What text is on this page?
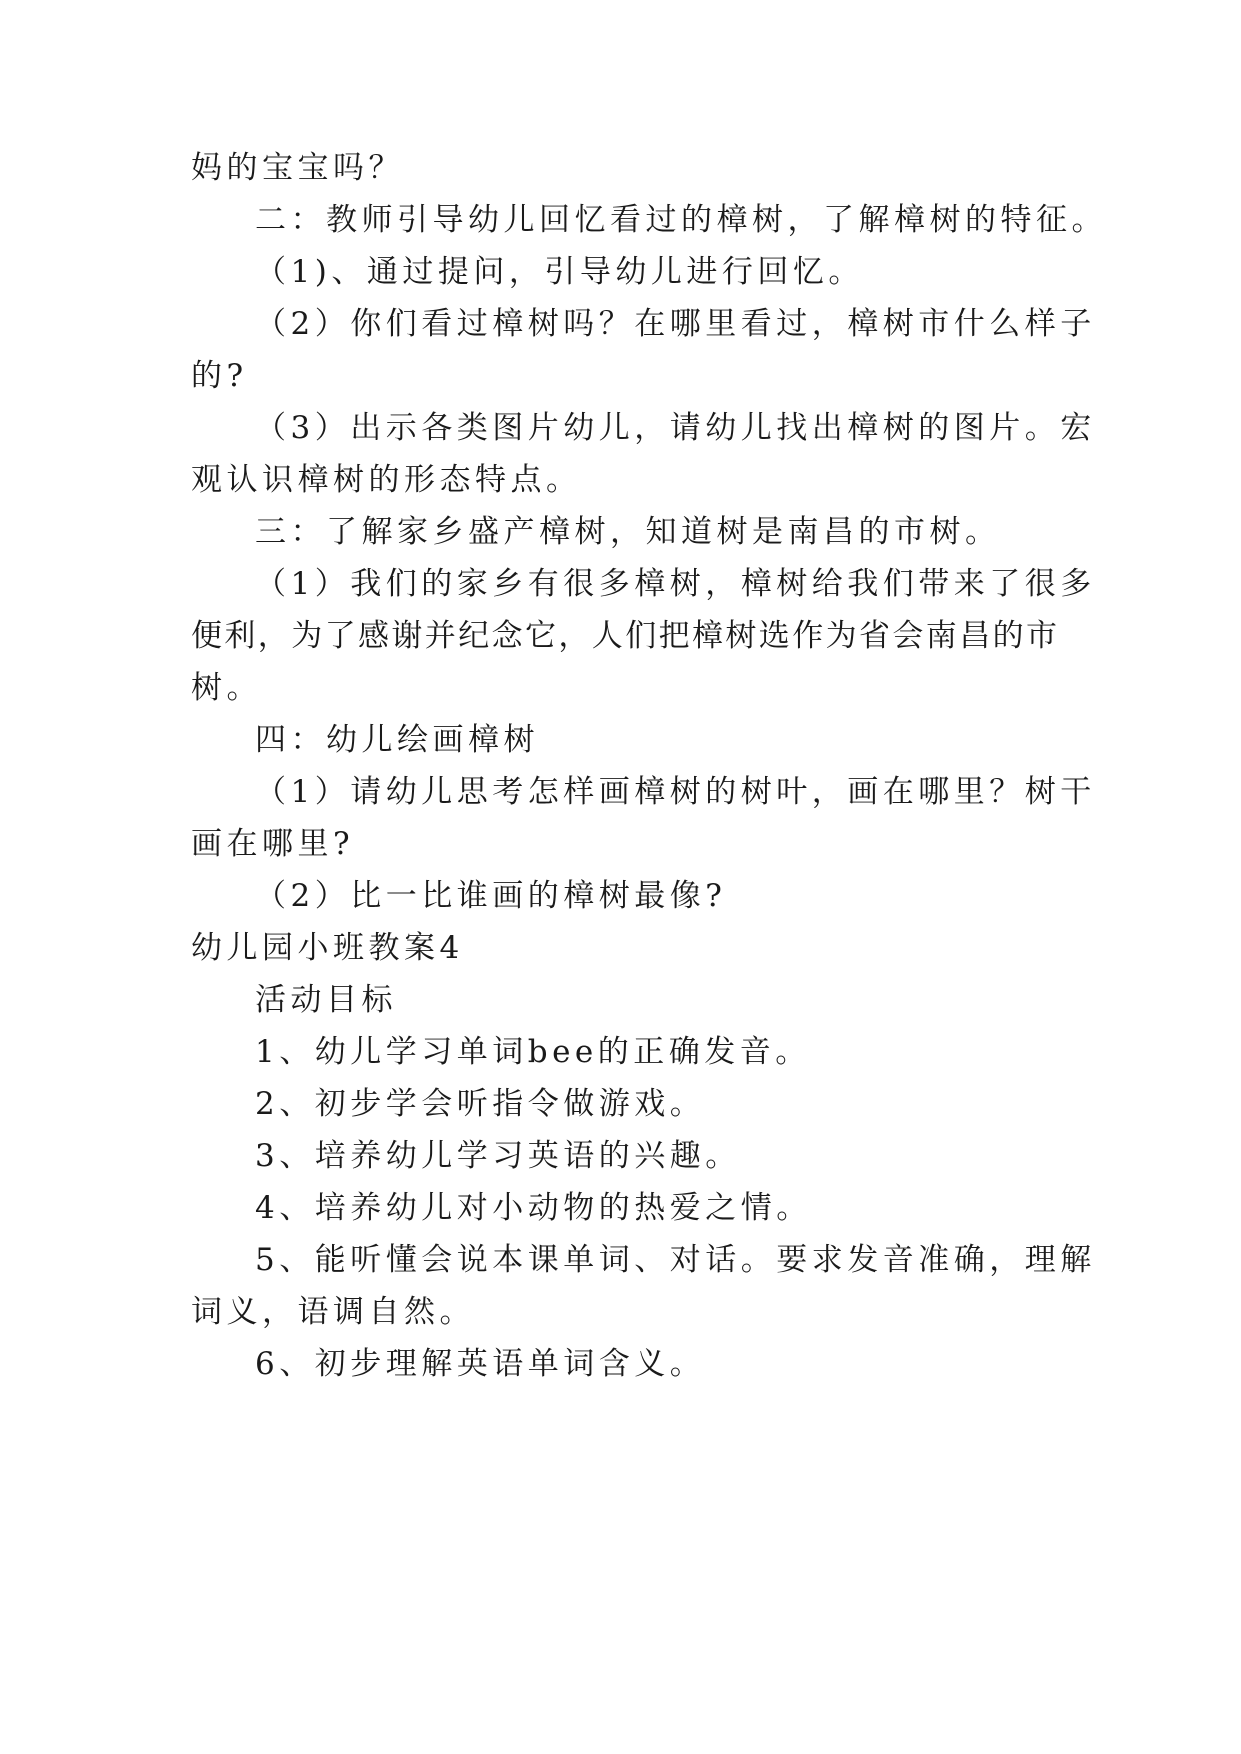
妈的宝宝吗？
二：教师引导幼儿回忆看过的樟树，了解樟树的特征。
（1)、通过提问，引导幼儿进行回忆。
（2）你们看过樟树吗？在哪里看过，樟树市什么样子
的?
（3）出示各类图片幼儿，请幼儿找出樟树的图片。宏
观认识樟树的形态特点。
三：了解家乡盛产樟树，知道树是南昌的市树。
（1）我们的家乡有很多樟树，樟树给我们带来了很多
便利，为了感谢并纪念它，人们把樟树选作为省会南昌的市
树。
四：幼儿绘画樟树
（1）请幼儿思考怎样画樟树的树叶，画在哪里？树干
画在哪里?
（2）比一比谁画的樟树最像?
幼儿园小班教案4
活动目标
1、幼儿学习单词bee的正确发音。
2、初步学会听指令做游戏。
3、培养幼儿学习英语的兴趣。
4、培养幼儿对小动物的热爱之情。
5、能听懂会说本课单词、对话。要求发音准确，理解
词义，语调自然。
6、初步理解英语单词含义。
